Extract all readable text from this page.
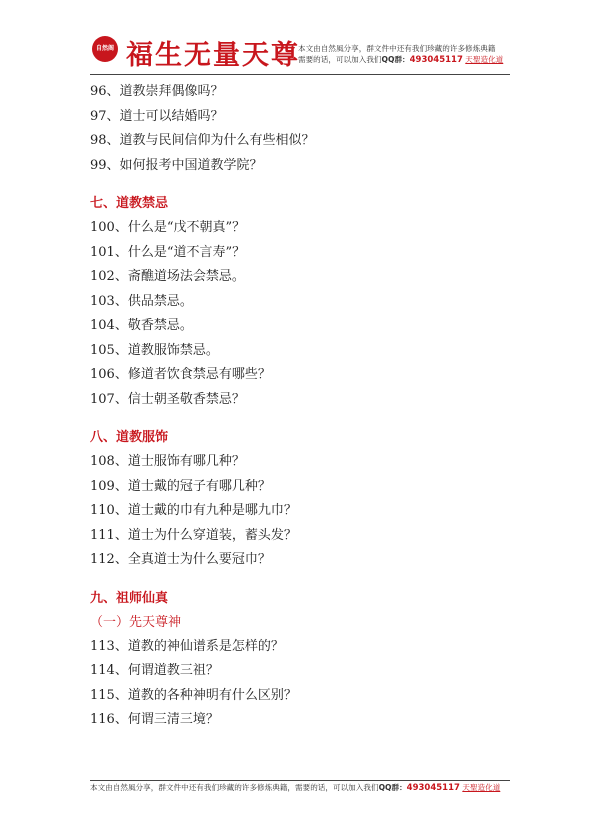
自然阁 福生无量天尊
本文由自然風分享，群文件中还有我们珍藏的许多修炼典籍
需要的话，可以加入我们QQ群：493045117 天聖造化道
96、道教崇拜偶像吗？
97、道士可以结婚吗？
98、道教与民间信仰为什么有些相似？
99、如何报考中国道教学院？
七、道教禁忌
100、什么是“戊不朝真”？
101、什么是“道不言寿”？
102、斋醮道场法会禁忌。
103、供品禁忌。
104、敬香禁忌。
105、道教服饰禁忌。
106、修道者饮食禁忌有哪些？
107、信士朝圣敬香禁忌？
八、道教服饰
108、道士服饰有哪几种？
109、道士戴的冠子有哪几种？
110、道士戴的巾有九种是哪九巾？
111、道士为什么穿道装，蓄头发？
112、全真道士为什么要冠巾？
九、祖师仙真
（一）先天尊神
113、道教的神仙谱系是怎样的？
114、何谓道教三祖？
115、道教的各种神明有什么区别？
116、何谓三清三境？
本文由自然風分享，群文件中还有我们珍藏的许多修炼典籍，需要的话，可以加入我们QQ群：493045117 天聖造化道
